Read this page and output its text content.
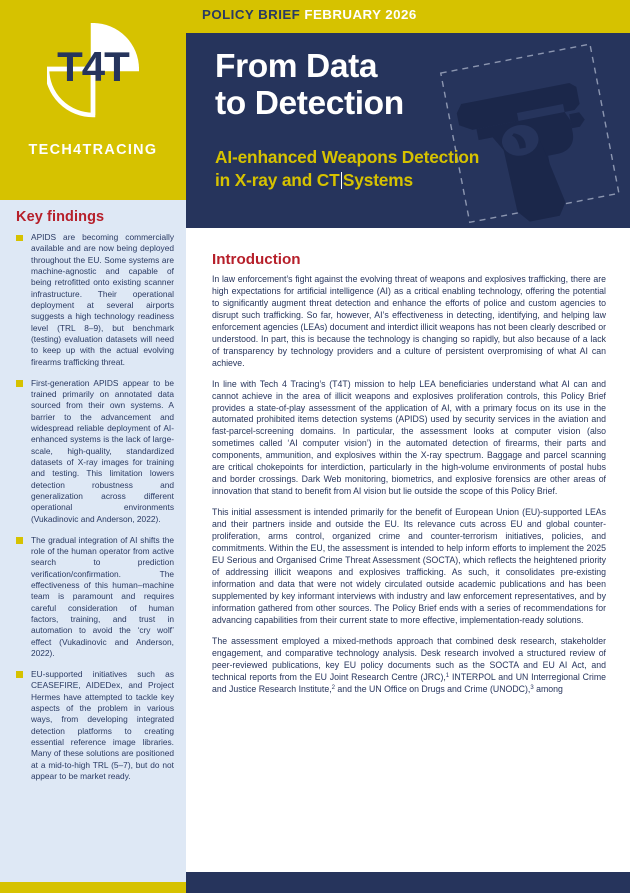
T4T
TECH4TRACING
Key findings
APIDS are becoming commercially available and are now being deployed throughout the EU. Some systems are machine-agnostic and capable of being retrofitted onto existing scanner infrastructure. Their operational deployment at several airports suggests a high technology readiness level (TRL 8–9), but benchmark (testing) evaluation datasets will need to keep up with the actual evolving firearms trafficking threat.
First-generation APIDS appear to be trained primarily on annotated data sourced from their own systems. A barrier to the advancement and widespread reliable deployment of AI-enhanced systems is the lack of large-scale, high-quality, standardized datasets of X-ray images for training and testing. This limitation lowers detection robustness and generalization across different operational environments (Vukadinovic and Anderson, 2022).
The gradual integration of AI shifts the role of the human operator from active search to prediction verification/confirmation. The effectiveness of this human–machine team is paramount and requires careful consideration of human factors, training, and trust in automation to avoid the ‘cry wolf’ effect (Vukadinovic and Anderson, 2022).
EU-supported initiatives such as CEASEFIRE, AIDEDex, and Project Hermes have attempted to tackle key aspects of the problem in various ways, from developing integrated detection platforms to creating essential reference image libraries. Many of these solutions are positioned at a mid-to-high TRL (5–7), but do not appear to be market ready.
POLICY BRIEF FEBRUARY 2026
From Data
to Detection
AI-enhanced Weapons Detection
in X-ray and CT Systems
Introduction

In law enforcement’s fight against the evolving threat of weapons and explosives trafficking, there are high expectations for artificial intelligence (AI) as a critical enabling technology, offering the potential to significantly augment threat detection and enhance the efforts of police and custom agencies to disrupt such trafficking. So far, however, AI’s effectiveness in detecting, identifying, and helping law enforcement agencies (LEAs) document and interdict illicit weapons has not been clearly described or understood. In part, this is because the technology is changing so rapidly, but also because of a lack of transparency by technology providers and a culture of persistent overpromising of what AI can achieve.

In line with Tech 4 Tracing’s (T4T) mission to help LEA beneficiaries understand what AI can and cannot achieve in the area of illicit weapons and explosives proliferation controls, this Policy Brief provides a state-of-play assessment of the application of AI, with a primary focus on its use in the automated prohibited items detection systems (APIDS) used by security services in the aviation and fast-parcel-screening domains. In particular, the assessment looks at computer vision (also sometimes called ‘AI computer vision’) in the automated detection of firearms, their parts and components, ammunition, and explosives within the X-ray spectrum. Baggage and parcel scanning are critical chokepoints for interdiction, particularly in the high-volume environments of postal hubs and border crossings. Dark Web monitoring, biometrics, and explosive forensics are other areas of innovation that stand to benefit from AI vision but lie outside the scope of this Policy Brief.

This initial assessment is intended primarily for the benefit of European Union (EU)-supported LEAs and their partners inside and outside the EU. Its relevance cuts across EU and global counter-proliferation, arms control, organized crime and counter-terrorism initiatives, policies, and commitments. Within the EU, the assessment is intended to help inform efforts to implement the 2025 EU Serious and Organised Crime Threat Assessment (SOCTA), which reflects the heightened priority of addressing illicit weapons and explosives trafficking. As such, it consolidates pre-existing information and data that were not widely circulated outside academic publications and has been supplemented by key informant interviews with industry and law enforcement representatives, and by information gathered from other sources. The Policy Brief ends with a series of recommendations for advancing capabilities from their current state to more effective, implementation-ready solutions.

The assessment employed a mixed-methods approach that combined desk research, stakeholder engagement, and comparative technology analysis. Desk research involved a structured review of peer-reviewed publications, key EU policy documents such as the SOCTA and EU AI Act, and technical reports from the EU Joint Research Centre (JRC),$^1$ INTERPOL and UN Interregional Crime and Justice Research Institute,$^2$ and the UN Office on Drugs and Crime (UNODC),$^3$ among
